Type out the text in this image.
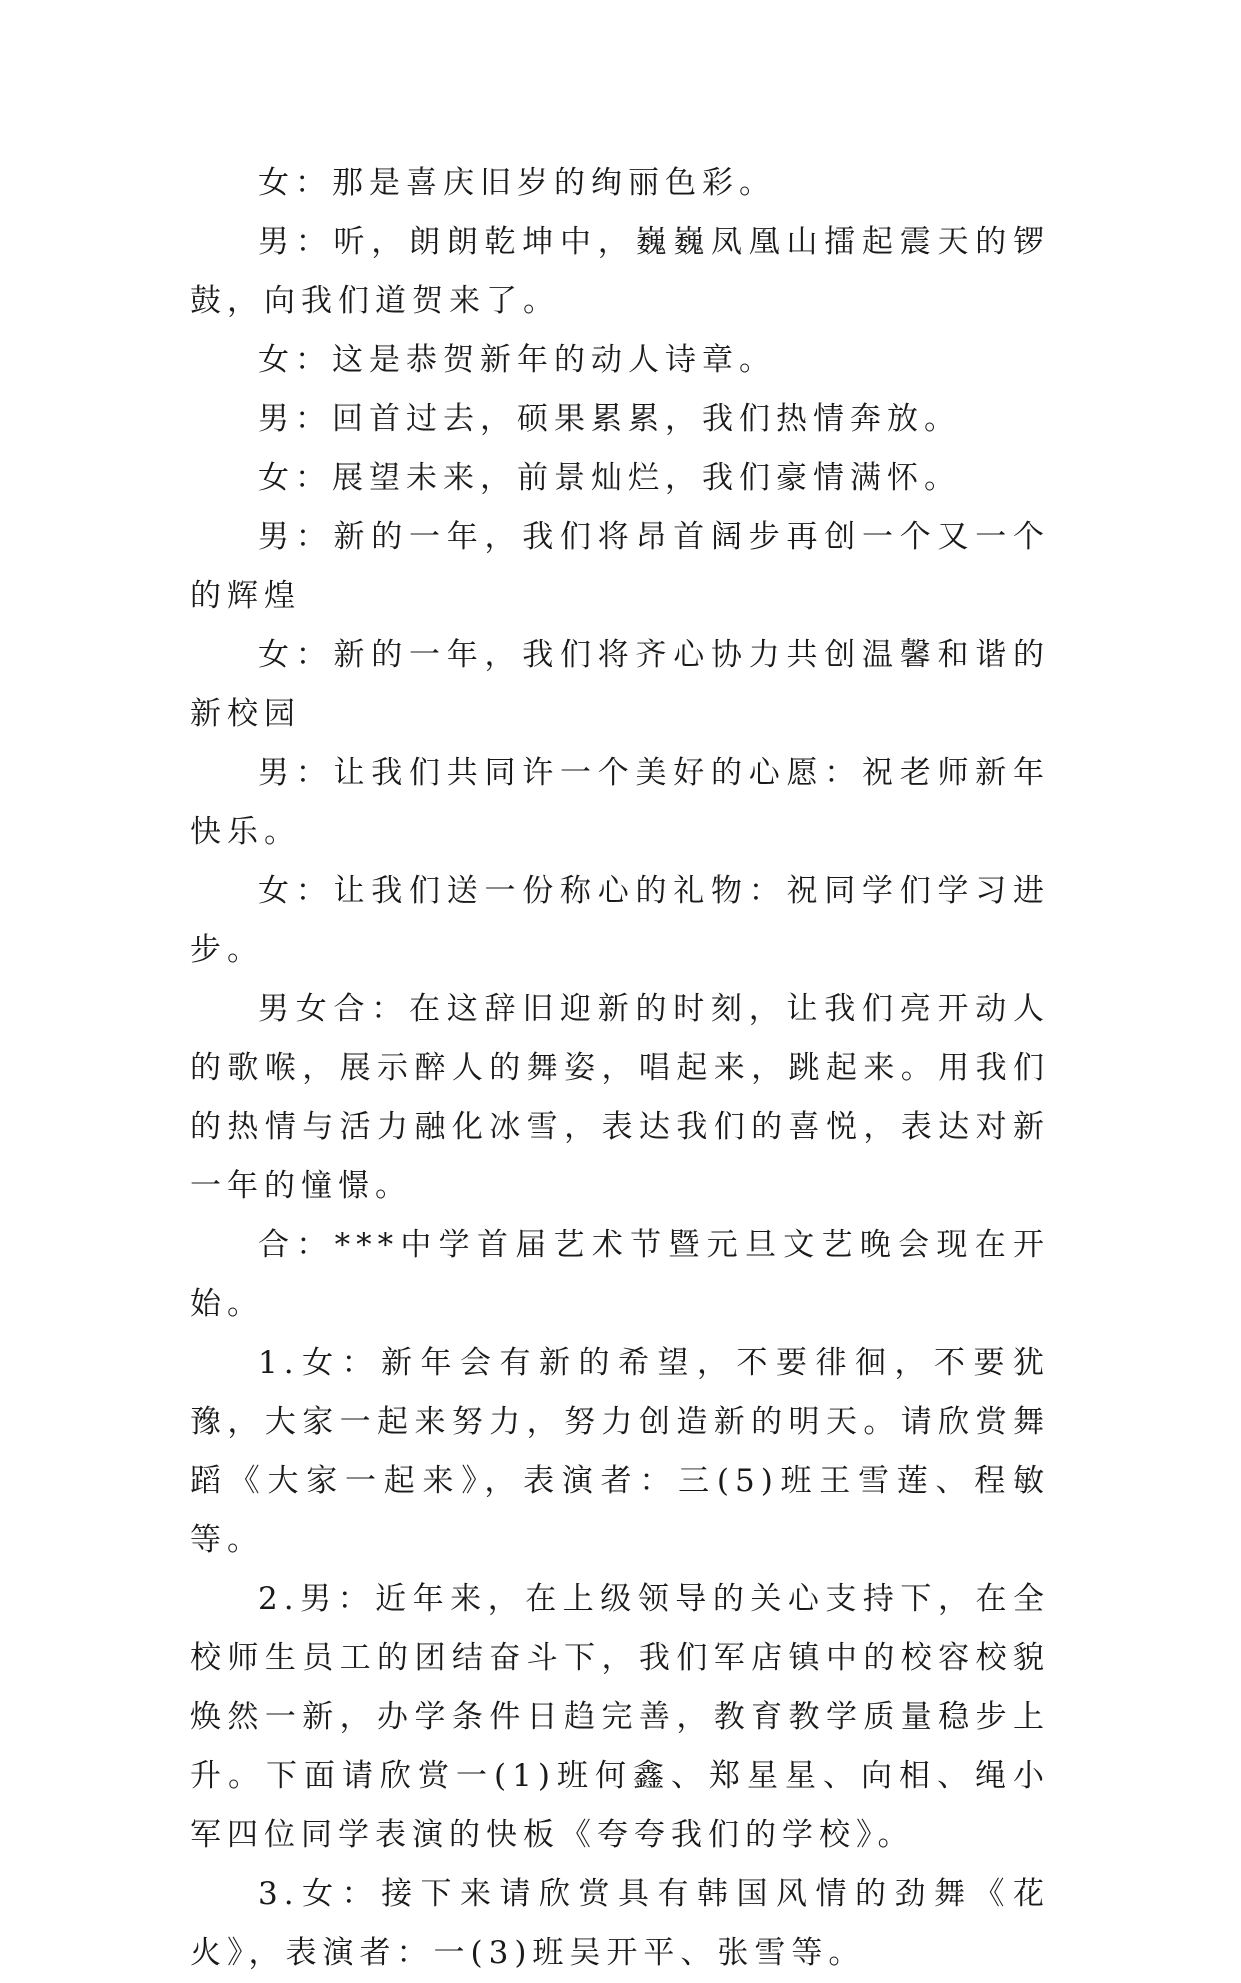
女：那是喜庆旧岁的绚丽色彩。

男：听，朗朗乾坤中，巍巍凤凰山擂起震天的锣鼓，向我们道贺来了。

女：这是恭贺新年的动人诗章。

男：回首过去，硕果累累，我们热情奔放。

女：展望未来，前景灿烂，我们豪情满怀。

男：新的一年，我们将昂首阔步再创一个又一个的辉煌

女：新的一年，我们将齐心协力共创温馨和谐的新校园

男：让我们共同许一个美好的心愿：祝老师新年快乐。

女：让我们送一份称心的礼物：祝同学们学习进步。

男女合：在这辞旧迎新的时刻，让我们亮开动人的歌喉，展示醉人的舞姿，唱起来，跳起来。用我们的热情与活力融化冰雪，表达我们的喜悦，表达对新一年的憧憬。

合：***中学首届艺术节暨元旦文艺晚会现在开始。

1.女：新年会有新的希望，不要徘徊，不要犹豫，大家一起来努力，努力创造新的明天。请欣赏舞蹈《大家一起来》，表演者：三(5)班王雪莲、程敏等。

2.男：近年来，在上级领导的关心支持下，在全校师生员工的团结奋斗下，我们军店镇中的校容校貌焕然一新，办学条件日趋完善，教育教学质量稳步上升。下面请欣赏一(1)班何鑫、郑星星、向相、绳小军四位同学表演的快板《夸夸我们的学校》。

3.女：接下来请欣赏具有韩国风情的劲舞《花火》，表演者：一(3)班吴开平、张雪等。
